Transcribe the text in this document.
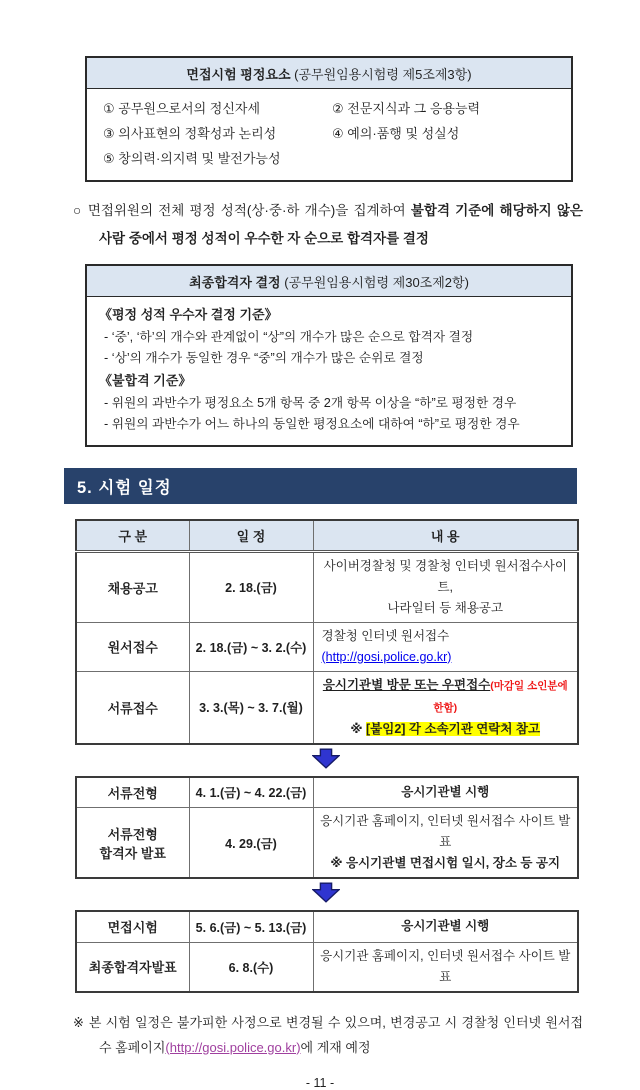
면접시험 평정요소 (공무원임용시험령 제5조제3항)
① 공무원으로서의 정신자세
③ 의사표현의 정확성과 논리성
⑤ 창의력·의지력 및 발전가능성
② 전문지식과 그 응용능력
④ 예의·품행 및 성실성

○ 면접위원의 전체 평정 성적(상·중·하 개수)을 집계하여 불합격 기준에 해당하지 않은 사람 중에서 평정 성적이 우수한 자 순으로 합격자를 결정

최종합격자 결정 (공무원임용시험령 제30조제2항)
《평정 성적 우수자 결정 기준》
- ‘중’, ‘하’의 개수와 관계없이 “상”의 개수가 많은 순으로 합격자 결정
- ‘상’의 개수가 동일한 경우 “중”의 개수가 많은 순위로 결정
《불합격 기준》
- 위원의 과반수가 평정요소 5개 항목 중 2개 항목 이상을 “하”로 평정한 경우
- 위원의 과반수가 어느 하나의 동일한 평정요소에 대하여 “하”로 평정한 경우
5. 시험 일정
구 분	일 정	내 용
채용공고	2. 18.(금)	사이버경찰청 및 경찰청 인터넷 원서접수사이트,
나라일터 등 채용공고

원서접수	2. 18.(금) ~ 3. 2.(수)	경찰청 인터넷 원서접수(http://gosi.police.go.kr)
서류접수	3. 3.(목) ~ 3. 7.(월)	응시기관별 방문 또는 우편접수(마감일 소인분에 한함)
※ [붙임2] 각 소속기관 연락처 참고
서류전형	4. 1.(금) ~ 4. 22.(금)	응시기관별 시행

서류전형
합격자 발표
	4. 29.(금)	
응시기관 홈페이지, 인터넷 원서접수 사이트 발표
※ 응시기관별 면접시험 일시, 장소 등 공지
면접시험	5. 6.(금) ~ 5. 13.(금)	응시기관별 시행
최종합격자발표	6. 8.(수)	응시기관 홈페이지, 인터넷 원서접수 사이트 발표

※ 본 시험 일정은 불가피한 사정으로 변경될 수 있으며, 변경공고 시 경찰청 인터넷 원서접수 홈페이지(http://gosi.police.go.kr)에 게재 예정

- 11 -
